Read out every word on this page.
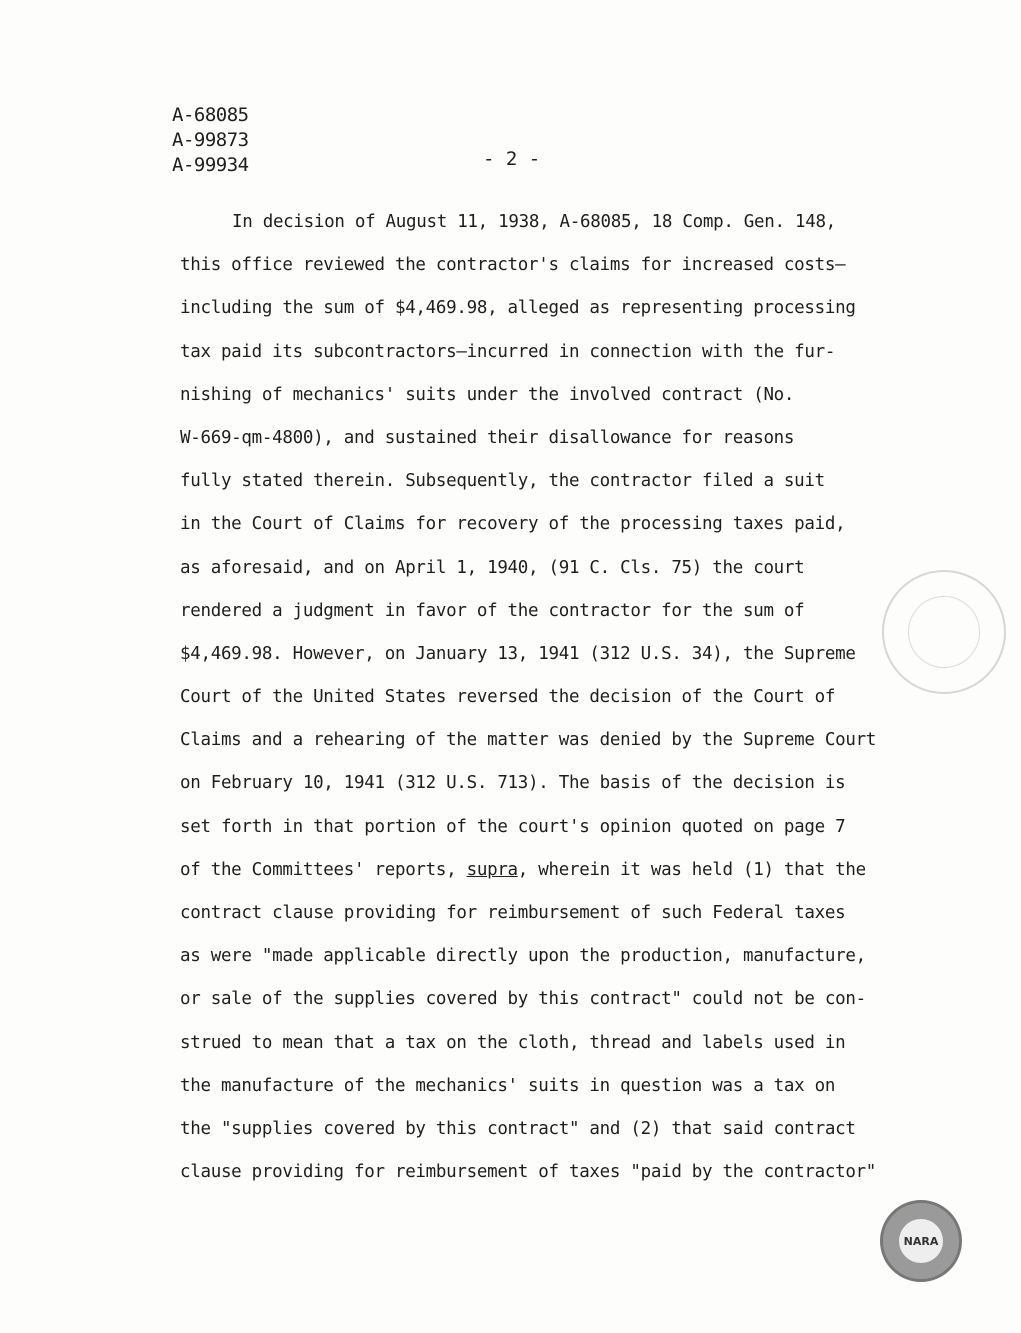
A-68085
A-99873
A-99934	- 2 -
In decision of August 11, 1938, A-68085, 18 Comp. Gen. 148,
this office reviewed the contractor's claims for increased costs—
including the sum of $4,469.98, alleged as representing processing
tax paid its subcontractors—incurred in connection with the fur-
nishing of mechanics' suits under the involved contract (No.
W-669-qm-4800), and sustained their disallowance for reasons
fully stated therein. Subsequently, the contractor filed a suit
in the Court of Claims for recovery of the processing taxes paid,
as aforesaid, and on April 1, 1940, (91 C. Cls. 75) the court
rendered a judgment in favor of the contractor for the sum of
$4,469.98. However, on January 13, 1941 (312 U.S. 34), the Supreme
Court of the United States reversed the decision of the Court of
Claims and a rehearing of the matter was denied by the Supreme Court
on February 10, 1941 (312 U.S. 713). The basis of the decision is
set forth in that portion of the court's opinion quoted on page 7
of the Committees' reports, supra, wherein it was held (1) that the
contract clause providing for reimbursement of such Federal taxes
as were "made applicable directly upon the production, manufacture,
or sale of the supplies covered by this contract" could not be con-
strued to mean that a tax on the cloth, thread and labels used in
the manufacture of the mechanics' suits in question was a tax on
the "supplies covered by this contract" and (2) that said contract
clause providing for reimbursement of taxes "paid by the contractor"
NARA
